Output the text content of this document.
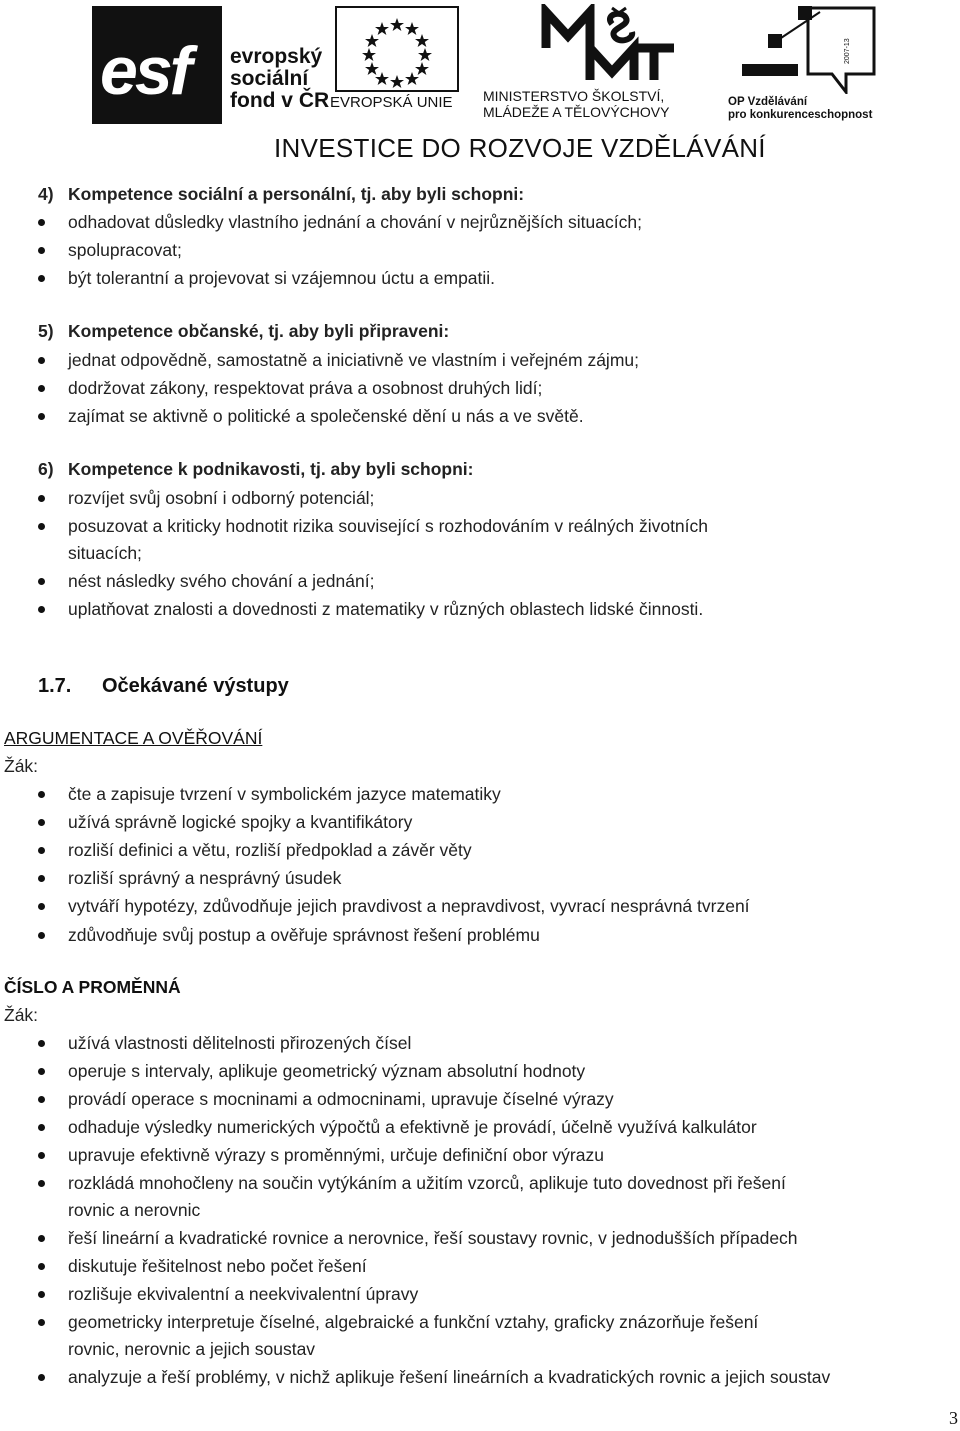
esf evropský
sociální
fond v ČR EVROPSKÁ UNIE MINISTERSTVO ŠKOLSTVÍ,
MLÁDEŽE A TĚLOVÝCHOVY
2007-13
OP Vzdělávání
pro konkurenceschopnost
INVESTICE DO ROZVOJE VZDĚLÁVÁNÍ
4) Kompetence sociální a personální, tj. aby byli schopni:
odhadovat důsledky vlastního jednání a chování v nejrůznějších situacích;
spolupracovat;
být tolerantní a projevovat si vzájemnou úctu a empatii.
5) Kompetence občanské, tj. aby byli připraveni:
jednat odpovědně, samostatně a iniciativně ve vlastním i veřejném zájmu;
dodržovat zákony, respektovat práva a osobnost druhých lidí;
zajímat se aktivně o politické a společenské dění u nás a ve světě.
6) Kompetence k podnikavosti, tj. aby byli schopni:
rozvíjet svůj osobní i odborný potenciál;
posuzovat a kriticky hodnotit rizika související s rozhodováním v reálných životních
situacích;
nést následky svého chování a jednání;
uplatňovat znalosti a dovednosti z matematiky v různých oblastech lidské činnosti.
1.7. Očekávané výstupy
ARGUMENTACE A OVĚŘOVÁNÍ
Žák:
čte a zapisuje tvrzení v symbolickém jazyce matematiky
užívá správně logické spojky a kvantifikátory
rozliší definici a větu, rozliší předpoklad a závěr věty
rozliší správný a nesprávný úsudek
vytváří hypotézy, zdůvodňuje jejich pravdivost a nepravdivost, vyvrací nesprávná tvrzení
zdůvodňuje svůj postup a ověřuje správnost řešení problému
ČÍSLO A PROMĚNNÁ
Žák:
užívá vlastnosti dělitelnosti přirozených čísel
operuje s intervaly, aplikuje geometrický význam absolutní hodnoty
provádí operace s mocninami a odmocninami, upravuje číselné výrazy
odhaduje výsledky numerických výpočtů a efektivně je provádí, účelně využívá kalkulátor
upravuje efektivně výrazy s proměnnými, určuje definiční obor výrazu
rozkládá mnohočleny na součin vytýkáním a užitím vzorců, aplikuje tuto dovednost při řešení
rovnic a nerovnic
řeší lineární a kvadratické rovnice a nerovnice, řeší soustavy rovnic, v jednodušších případech
diskutuje řešitelnost nebo počet řešení
rozlišuje ekvivalentní a neekvivalentní úpravy
geometricky interpretuje číselné, algebraické a funkční vztahy, graficky znázorňuje řešení
rovnic, nerovnic a jejich soustav
analyzuje a řeší problémy, v nichž aplikuje řešení lineárních a kvadratických rovnic a jejich soustav
3
